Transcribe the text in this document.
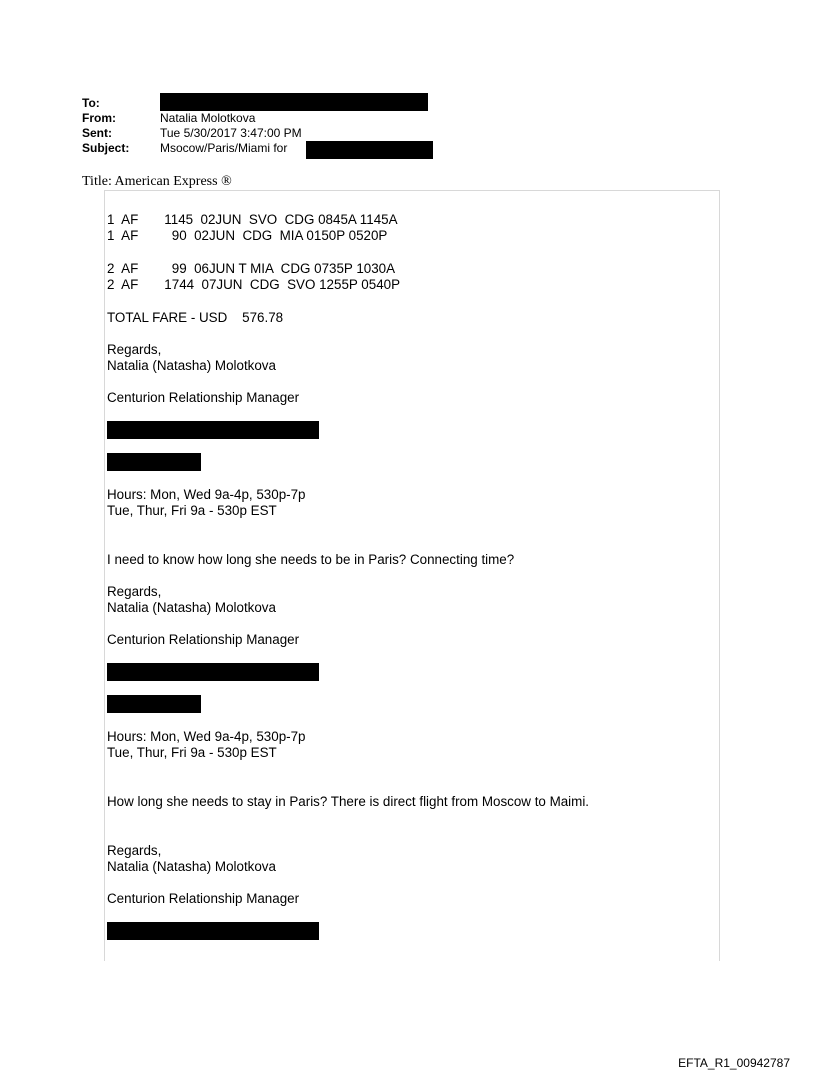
To:
From:	Natalia Molotkova
Sent:	Tue 5/30/2017 3:47:00 PM
Subject:	Msocow/Paris/Miami for
Title: American Express ®

1  AF       1145  02JUN  SVO  CDG 0845A 1145A

1  AF         90  02JUN  CDG  MIA 0150P 0520P

2  AF         99  06JUN T MIA  CDG 0735P 1030A

2  AF       1744  07JUN  CDG  SVO 1255P 0540P

TOTAL FARE - USD    576.78

Regards,

Natalia (Natasha) Molotkova

Centurion Relationship Manager

Hours: Mon, Wed 9a-4p, 530p-7p

Tue, Thur, Fri 9a - 530p EST

I need to know how long she needs to be in Paris? Connecting time?

Regards,

Natalia (Natasha) Molotkova

Centurion Relationship Manager

Hours: Mon, Wed 9a-4p, 530p-7p

Tue, Thur, Fri 9a - 530p EST

How long she needs to stay in Paris? There is direct flight from Moscow to Maimi.

Regards,

Natalia (Natasha) Molotkova

Centurion Relationship Manager

EFTA_R1_00942787
